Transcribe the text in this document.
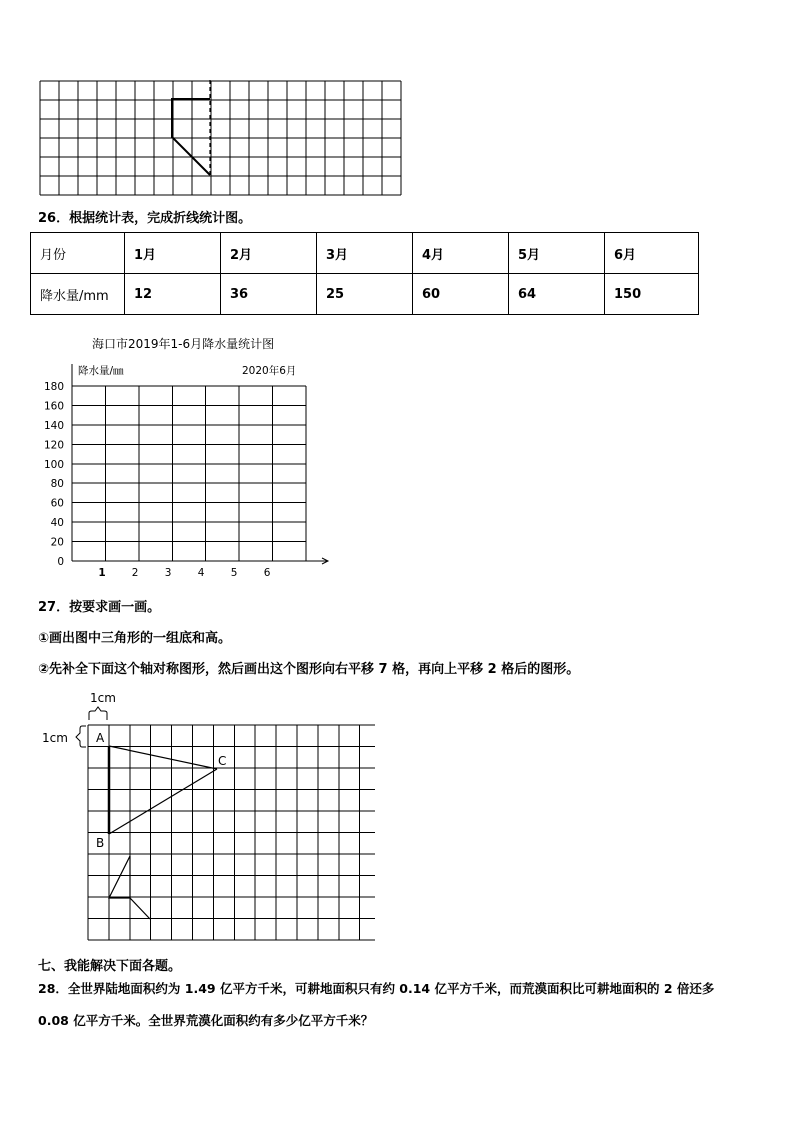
26．根据统计表，完成折线统计图。
月份	1月	2月	3月	4月	5月	6月
降水量/mm	12	36	25	60	64	150
海口市2019年1-6月降水量统计图
降水量/㎜	2020年6月
0
20
40
60
80
100
120
140
160
180
1 2	3	4	5	6
27．按要求画一画。
①画出图中三角形的一组底和高。
②先补全下面这个轴对称图形，然后画出这个图形向右平移 7 格，再向上平移 2 格后的图形。
1cm
1cm A
B
C
七、我能解决下面各题。
28．全世界陆地面积约为 1.49 亿平方千米，可耕地面积只有约 0.14 亿平方千米，而荒漠面积比可耕地面积的 2 倍还多
0.08 亿平方千米。全世界荒漠化面积约有多少亿平方千米？
